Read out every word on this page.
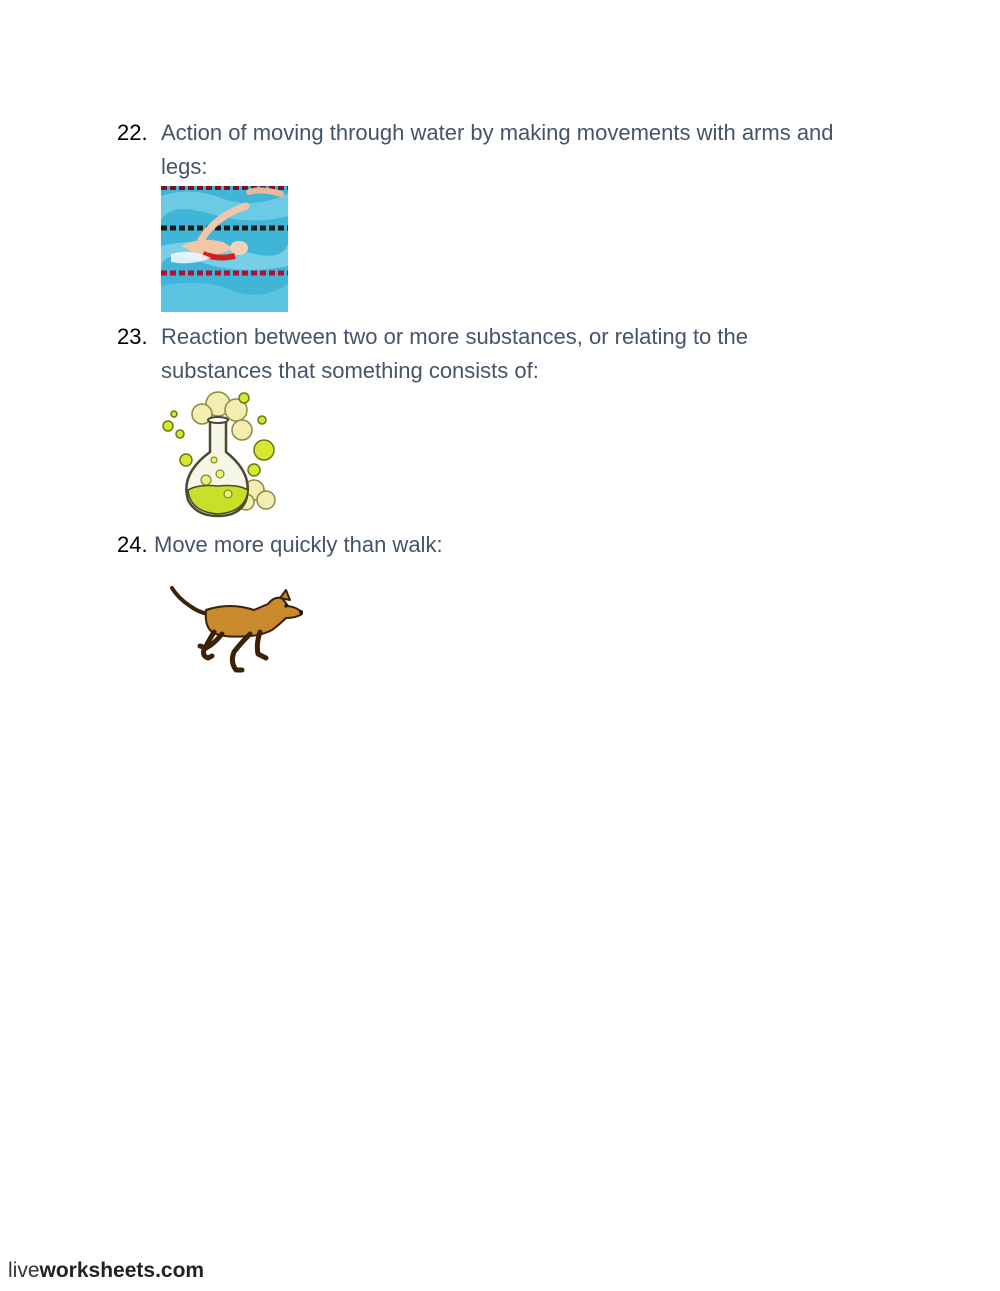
22. Action of moving through water by making movements with arms and legs:

23. Reaction between two or more substances, or relating to the substances that something consists of:

24. Move more quickly than walk:

liveworksheets.com
